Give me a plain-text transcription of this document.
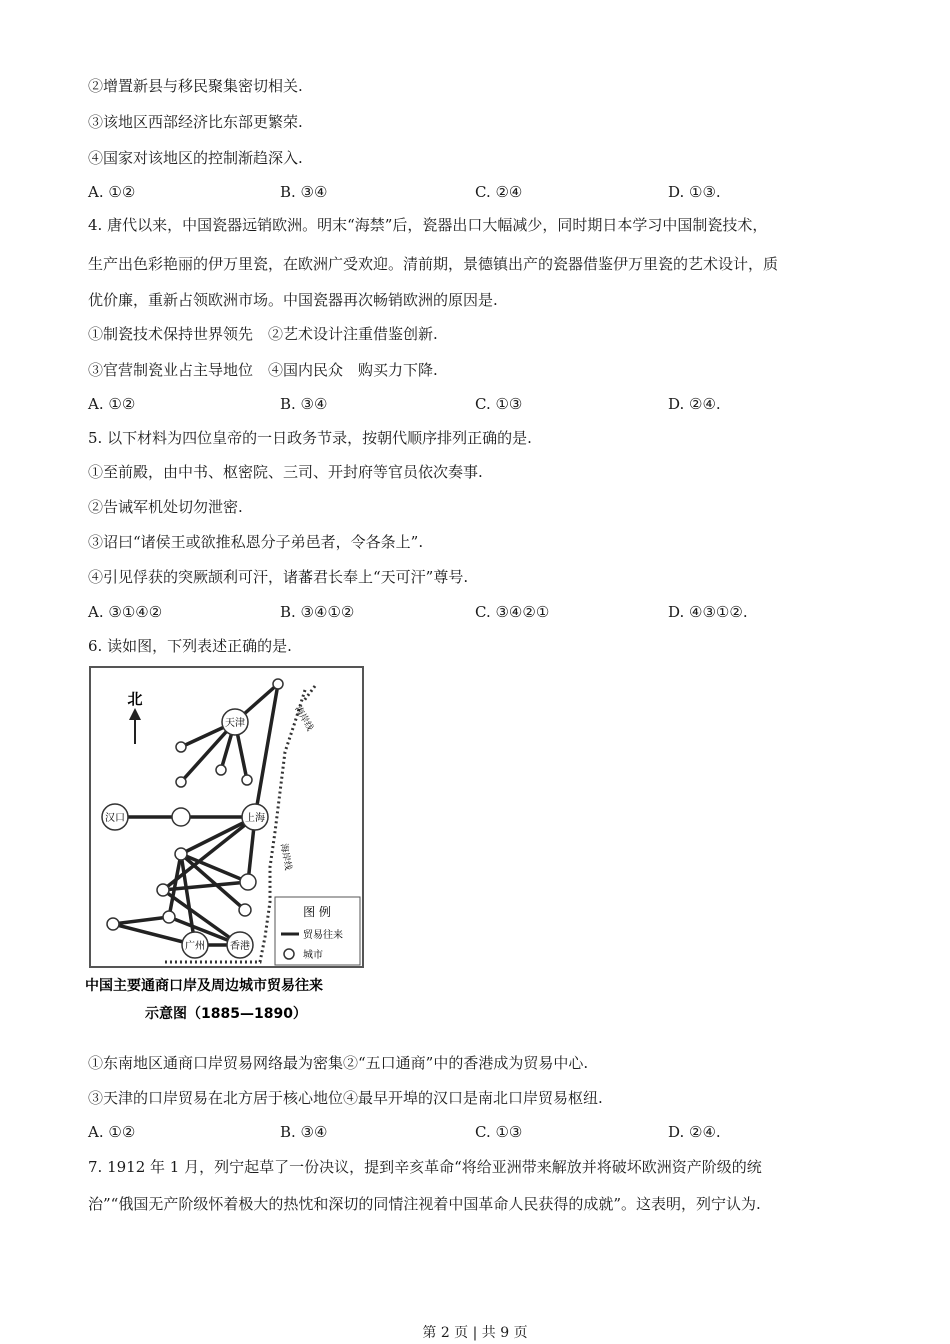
②增置新县与移民聚集密切相关.
③该地区西部经济比东部更繁荣.
④国家对该地区的控制渐趋深入.
A. ①②	B. ③④	C. ②④	D. ①③.
4. 唐代以来，中国瓷器远销欧洲。明末“海禁”后，瓷器出口大幅减少，同时期日本学习中国制瓷技术，
生产出色彩艳丽的伊万里瓷，在欧洲广受欢迎。清前期，景德镇出产的瓷器借鉴伊万里瓷的艺术设计，质
优价廉，重新占领欧洲市场。中国瓷器再次畅销欧洲的原因是.
①制瓷技术保持世界领先　②艺术设计注重借鉴创新.
③官营制瓷业占主导地位　④国内民众　购买力下降.
A. ①②	B. ③④	C. ①③	D. ②④.
5. 以下材料为四位皇帝的一日政务节录，按朝代顺序排列正确的是.
①至前殿，由中书、枢密院、三司、开封府等官员依次奏事.
②告诫军机处切勿泄密.
③诏曰“诸侯王或欲推私恩分子弟邑者，令各条上”.
④引见俘获的突厥颉利可汗，诸蕃君长奉上“天可汗”尊号.
A. ③①④②	B. ③④①②	C. ③④②①	D. ④③①②.
6. 读如图，下列表述正确的是.
天津
汉口	上海
广州	香港
北
海岸线
海岸线
图 例
贸易往来
城市
中国主要通商口岸及周边城市贸易往来
示意图（1885—1890）
①东南地区通商口岸贸易网络最为密集②“五口通商”中的香港成为贸易中心.
③天津的口岸贸易在北方居于核心地位④最早开埠的汉口是南北口岸贸易枢纽.
A. ①②	B. ③④	C. ①③	D. ②④.
7. 1912 年 1 月，列宁起草了一份决议，提到辛亥革命“将给亚洲带来解放并将破坏欧洲资产阶级的统
治”“俄国无产阶级怀着极大的热忱和深切的同情注视着中国革命人民获得的成就”。这表明，列宁认为.
第 2 页 | 共 9 页
